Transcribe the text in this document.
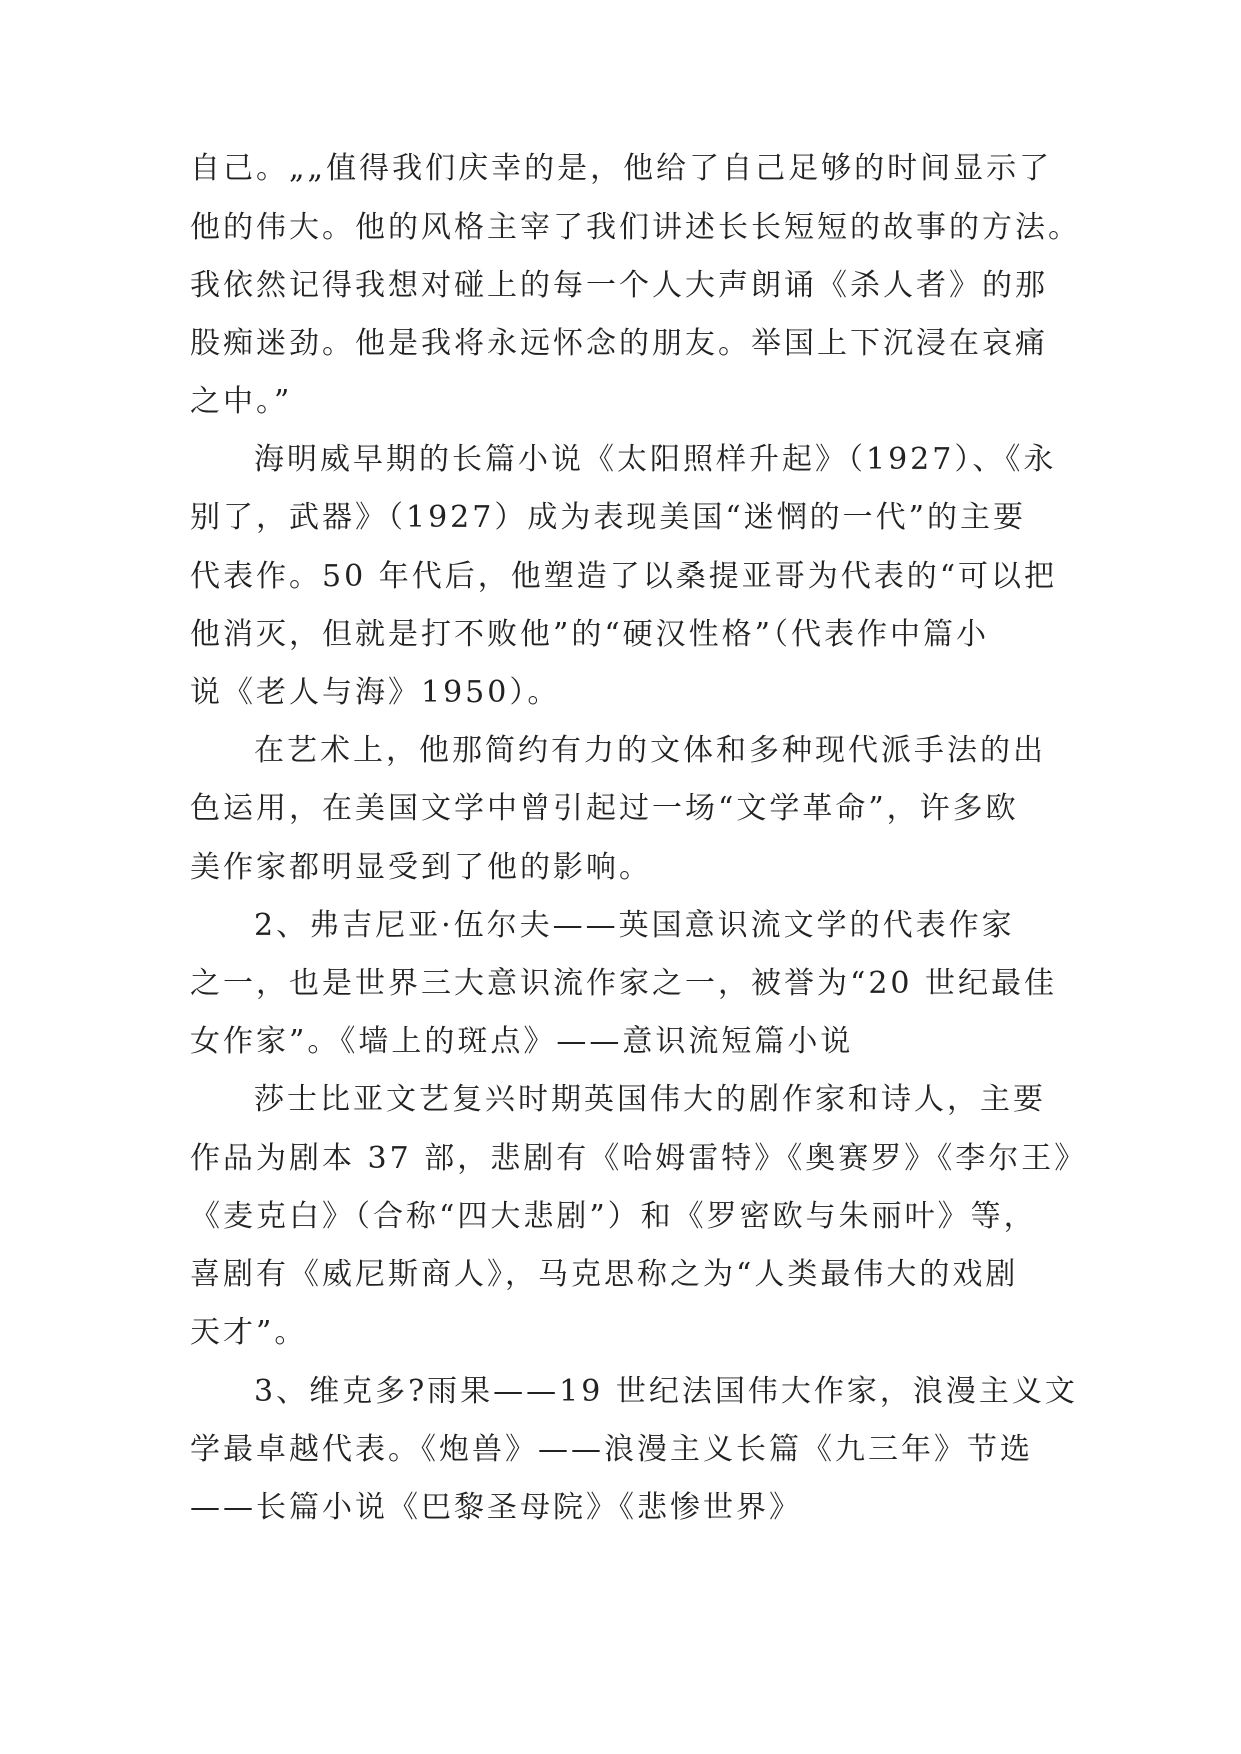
自己。„„值得我们庆幸的是，他给了自己足够的时间显示了
他的伟大。他的风格主宰了我们讲述长长短短的故事的方法。
我依然记得我想对碰上的每一个人大声朗诵《杀人者》的那
股痴迷劲。他是我将永远怀念的朋友。举国上下沉浸在哀痛
之中。”
海明威早期的长篇小说《太阳照样升起》（1927）、《永
别了，武器》（1927）成为表现美国“迷惘的一代”的主要
代表作。50 年代后，他塑造了以桑提亚哥为代表的“可以把
他消灭，但就是打不败他”的“硬汉性格”（代表作中篇小
说《老人与海》1950）。
在艺术上，他那简约有力的文体和多种现代派手法的出
色运用，在美国文学中曾引起过一场“文学革命”，许多欧
美作家都明显受到了他的影响。
2、弗吉尼亚·伍尔夫——英国意识流文学的代表作家
之一，也是世界三大意识流作家之一，被誉为“20 世纪最佳
女作家”。《墙上的斑点》——意识流短篇小说
莎士比亚文艺复兴时期英国伟大的剧作家和诗人，主要
作品为剧本 37 部，悲剧有《哈姆雷特》《奥赛罗》《李尔王》
《麦克白》（合称“四大悲剧”）和《罗密欧与朱丽叶》等，
喜剧有《威尼斯商人》，马克思称之为“人类最伟大的戏剧
天才”。
3、维克多?雨果——19 世纪法国伟大作家，浪漫主义文
学最卓越代表。《炮兽》——浪漫主义长篇《九三年》节选
——长篇小说《巴黎圣母院》《悲惨世界》
